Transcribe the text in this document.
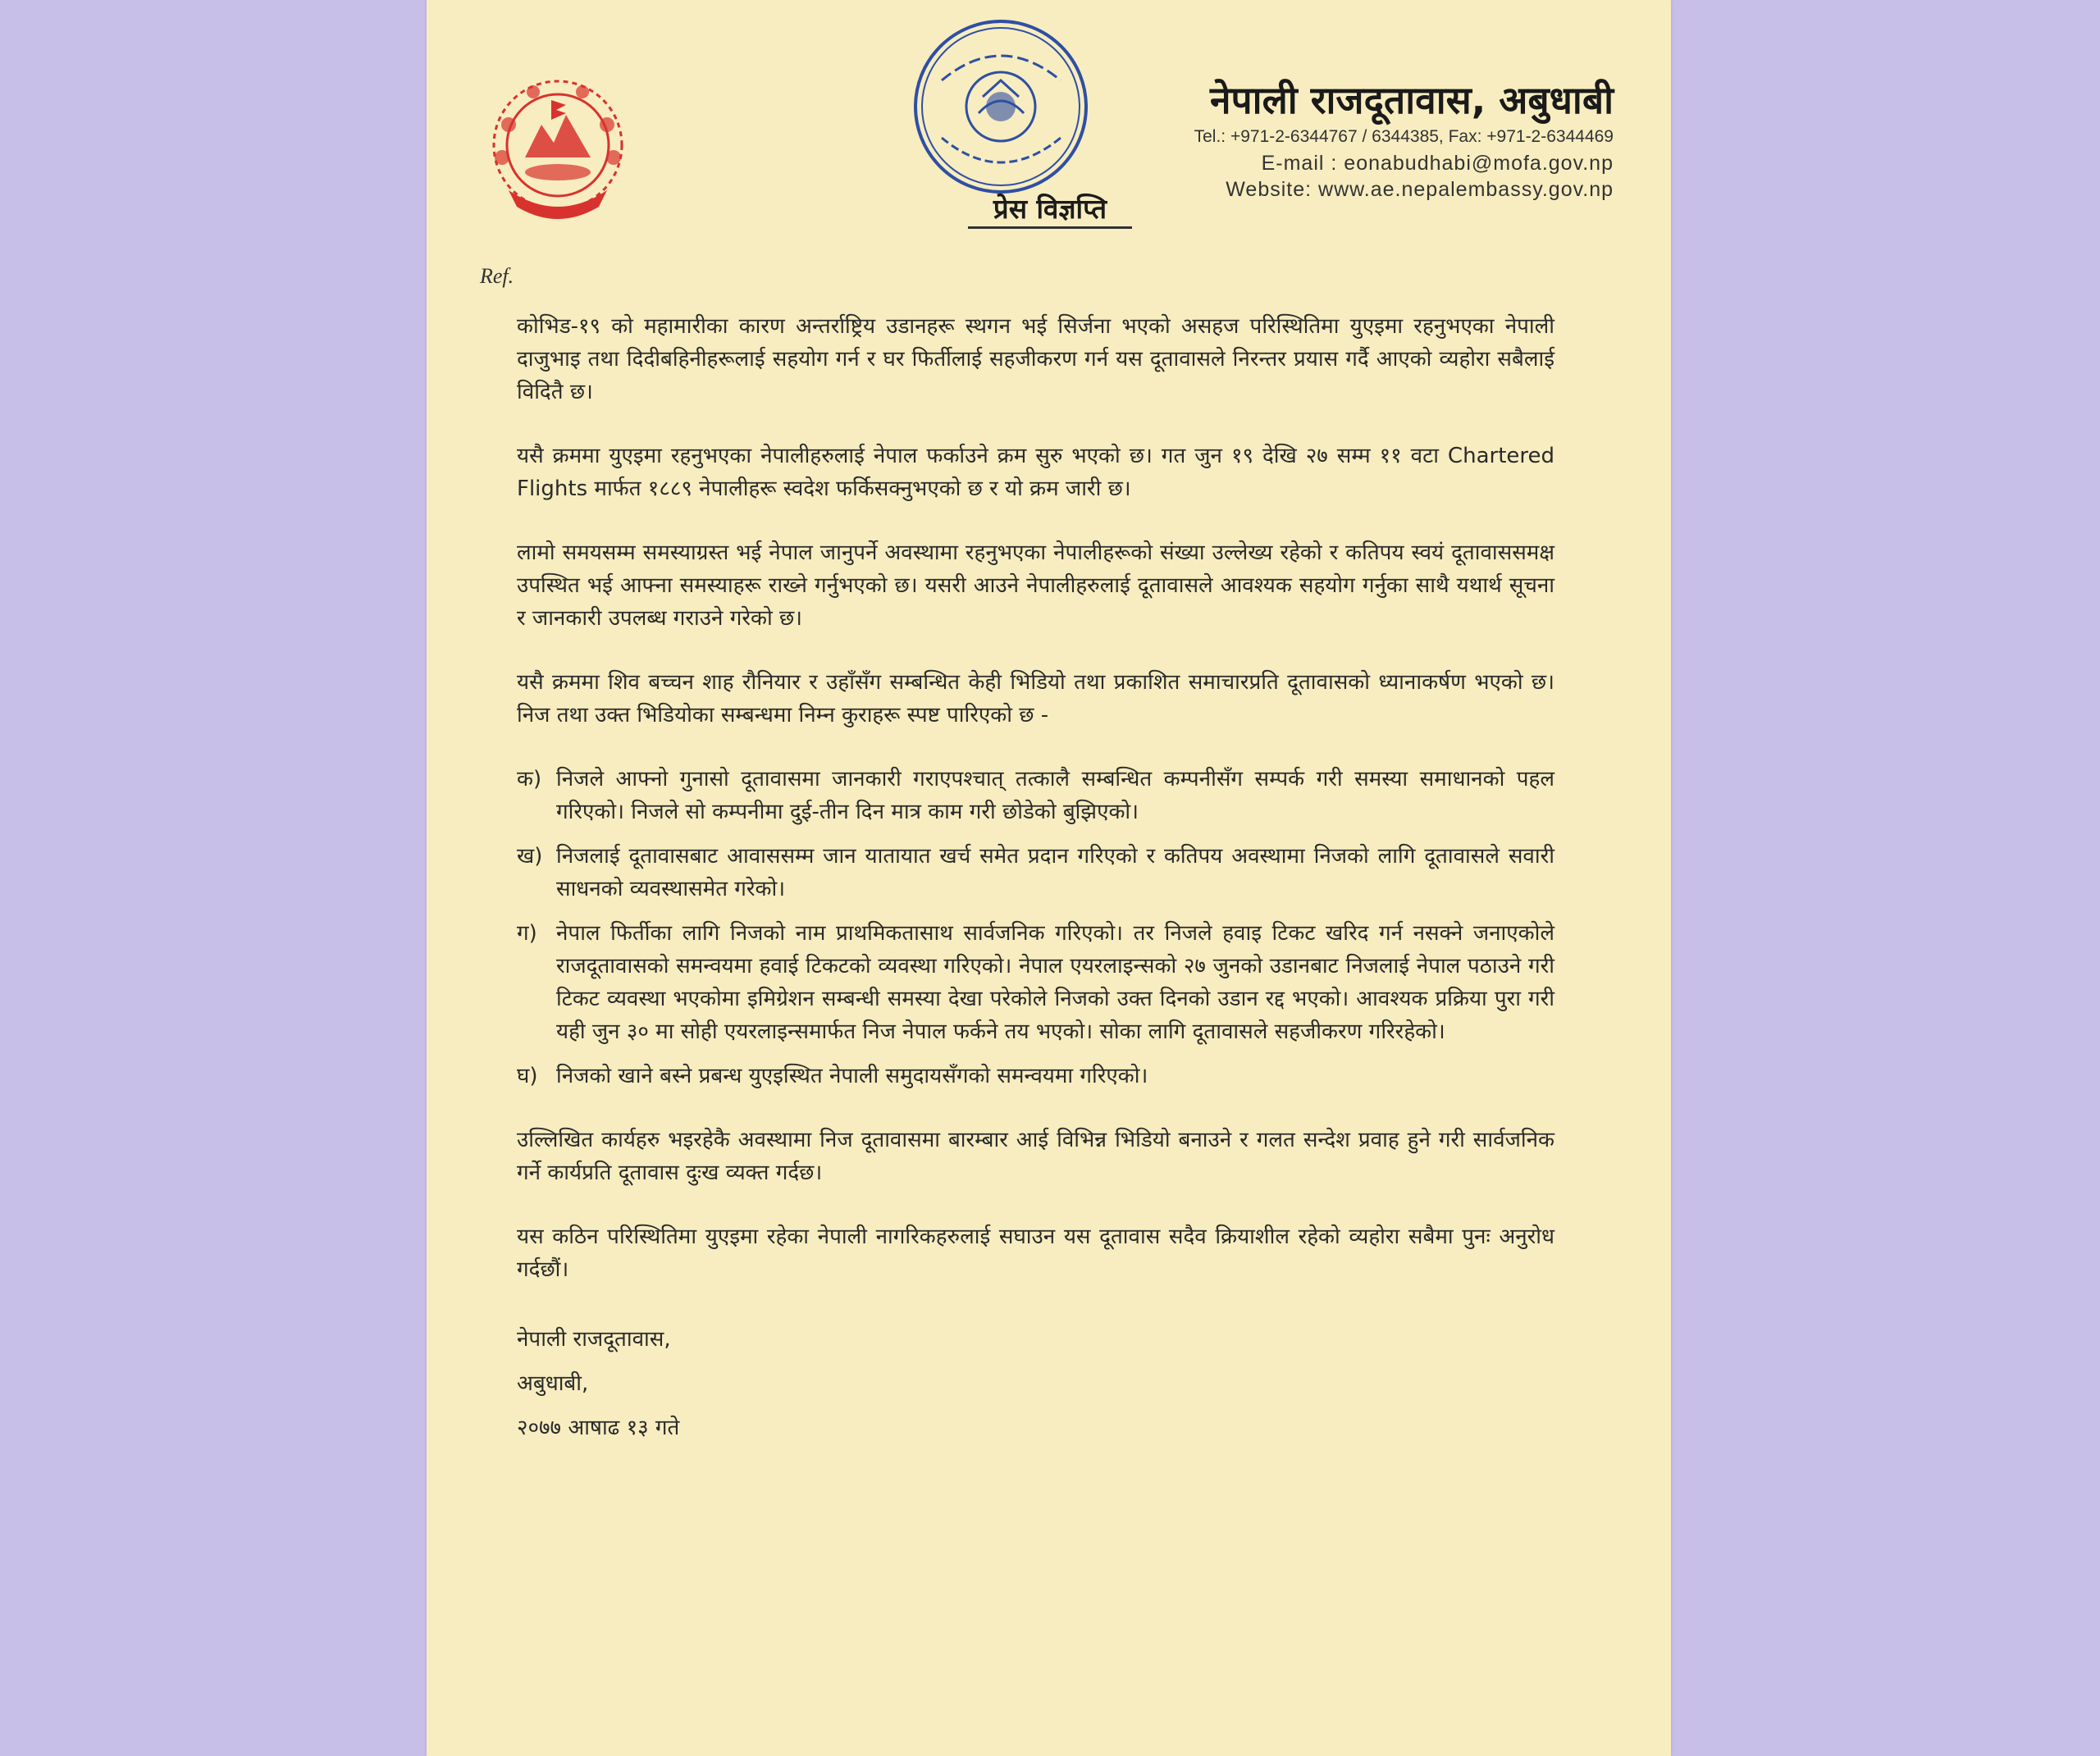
प्रेस विज्ञप्ति
नेपाली राजदूतावास, अबुधाबी
Tel.: +971-2-6344767 / 6344385, Fax: +971-2-6344469
E-mail : eonabudhabi@mofa.gov.np
Website: www.ae.nepalembassy.gov.np
Ref.

कोभिड-१९ को महामारीका कारण अन्तर्राष्ट्रिय उडानहरू स्थगन भई सिर्जना भएको असहज परिस्थितिमा युएइमा रहनुभएका नेपाली दाजुभाइ तथा दिदीबहिनीहरूलाई सहयोग गर्न र घर फिर्तीलाई सहजीकरण गर्न यस दूतावासले निरन्तर प्रयास गर्दै आएको व्यहोरा सबैलाई विदितै छ।

यसै क्रममा युएइमा रहनुभएका नेपालीहरुलाई नेपाल फर्काउने क्रम सुरु भएको छ। गत जुन १९ देखि २७ सम्म ११ वटा Chartered Flights मार्फत १८८९ नेपालीहरू स्वदेश फर्किसक्नुभएको छ र यो क्रम जारी छ।

लामो समयसम्म समस्याग्रस्त भई नेपाल जानुपर्ने अवस्थामा रहनुभएका नेपालीहरूको संख्या उल्लेख्य रहेको र कतिपय स्वयं दूतावाससमक्ष उपस्थित भई आफ्ना समस्याहरू राख्ने गर्नुभएको छ। यसरी आउने नेपालीहरुलाई दूतावासले आवश्यक सहयोग गर्नुका साथै यथार्थ सूचना र जानकारी उपलब्ध गराउने गरेको छ।

यसै क्रममा शिव बच्चन शाह रौनियार र उहाँसँग सम्बन्धित केही भिडियो तथा प्रकाशित समाचारप्रति दूतावासको ध्यानाकर्षण भएको छ। निज तथा उक्त भिडियोका सम्बन्धमा निम्न कुराहरू स्पष्ट पारिएको छ -

क) निजले आफ्नो गुनासो दूतावासमा जानकारी गराएपश्चात् तत्कालै सम्बन्धित कम्पनीसँग सम्पर्क गरी समस्या समाधानको पहल गरिएको। निजले सो कम्पनीमा दुई-तीन दिन मात्र काम गरी छोडेको बुझिएको।
ख) निजलाई दूतावासबाट आवाससम्म जान यातायात खर्च समेत प्रदान गरिएको र कतिपय अवस्थामा निजको लागि दूतावासले सवारी साधनको व्यवस्थासमेत गरेको।
ग) नेपाल फिर्तीका लागि निजको नाम प्राथमिकतासाथ सार्वजनिक गरिएको। तर निजले हवाइ टिकट खरिद गर्न नसक्ने जनाएकोले राजदूतावासको समन्वयमा हवाई टिकटको व्यवस्था गरिएको। नेपाल एयरलाइन्सको २७ जुनको उडानबाट निजलाई नेपाल पठाउने गरी टिकट व्यवस्था भएकोमा इमिग्रेशन सम्बन्धी समस्या देखा परेकोले निजको उक्त दिनको उडान रद्द भएको। आवश्यक प्रक्रिया पुरा गरी यही जुन ३० मा सोही एयरलाइन्समार्फत निज नेपाल फर्कने तय भएको। सोका लागि दूतावासले सहजीकरण गरिरहेको।
घ) निजको खाने बस्ने प्रबन्ध युएइस्थित नेपाली समुदायसँगको समन्वयमा गरिएको।

उल्लिखित कार्यहरु भइरहेकै अवस्थामा निज दूतावासमा बारम्बार आई विभिन्न भिडियो बनाउने र गलत सन्देश प्रवाह हुने गरी सार्वजनिक गर्ने कार्यप्रति दूतावास दुःख व्यक्त गर्दछ।

यस कठिन परिस्थितिमा युएइमा रहेका नेपाली नागरिकहरुलाई सघाउन यस दूतावास सदैव क्रियाशील रहेको व्यहोरा सबैमा पुनः अनुरोध गर्दछौं।

नेपाली राजदूतावास,
अबुधाबी,
२०७७ आषाढ १३ गते
